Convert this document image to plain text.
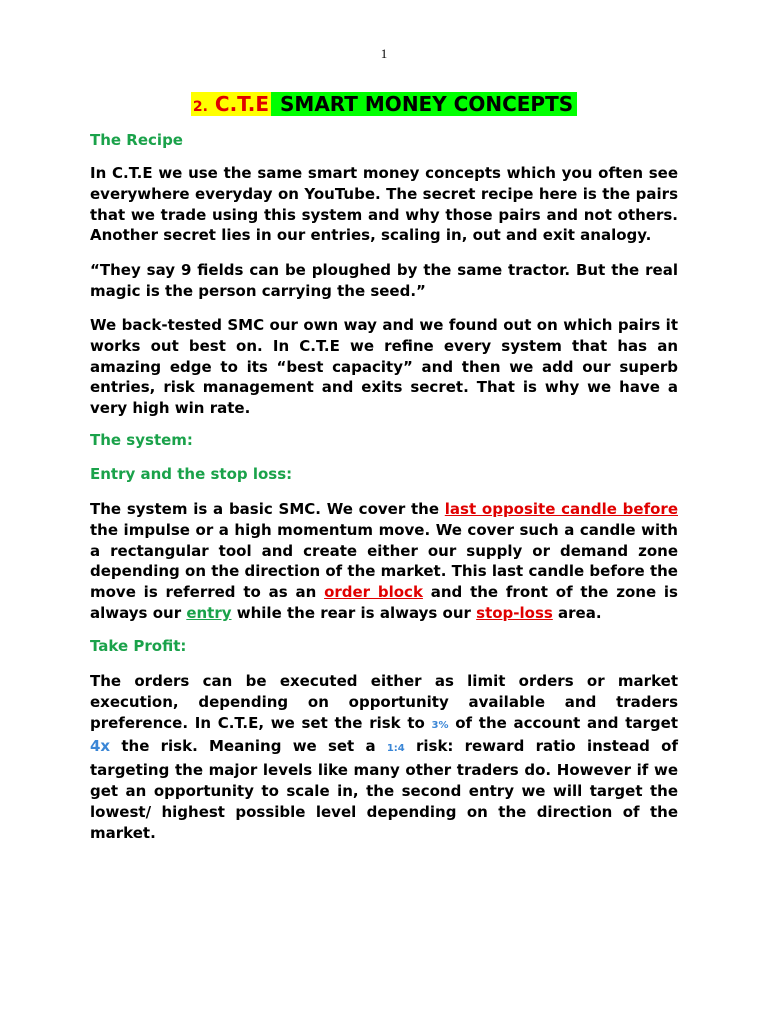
1
2. C.T.E SMART MONEY CONCEPTS
The Recipe
In C.T.E we use the same smart money concepts which you often see everywhere everyday on YouTube. The secret recipe here is the pairs that we trade using this system and why those pairs and not others. Another secret lies in our entries, scaling in, out and exit analogy.
“They say 9 fields can be ploughed by the same tractor. But the real magic is the person carrying the seed.”
We back-tested SMC our own way and we found out on which pairs it works out best on. In C.T.E we refine every system that has an amazing edge to its “best capacity” and then we add our superb entries, risk management and exits secret. That is why we have a very high win rate.
The system:
Entry and the stop loss:
The system is a basic SMC. We cover the last opposite candle before the impulse or a high momentum move. We cover such a candle with a rectangular tool and create either our supply or demand zone depending on the direction of the market. This last candle before the move is referred to as an order block and the front of the zone is always our entry while the rear is always our stop-loss area.
Take Profit:
The orders can be executed either as limit orders or market execution, depending on opportunity available and traders preference. In C.T.E, we set the risk to 3% of the account and target 4x the risk. Meaning we set a 1:4 risk: reward ratio instead of targeting the major levels like many other traders do. However if we get an opportunity to scale in, the second entry we will target the lowest/ highest possible level depending on the direction of the market.
